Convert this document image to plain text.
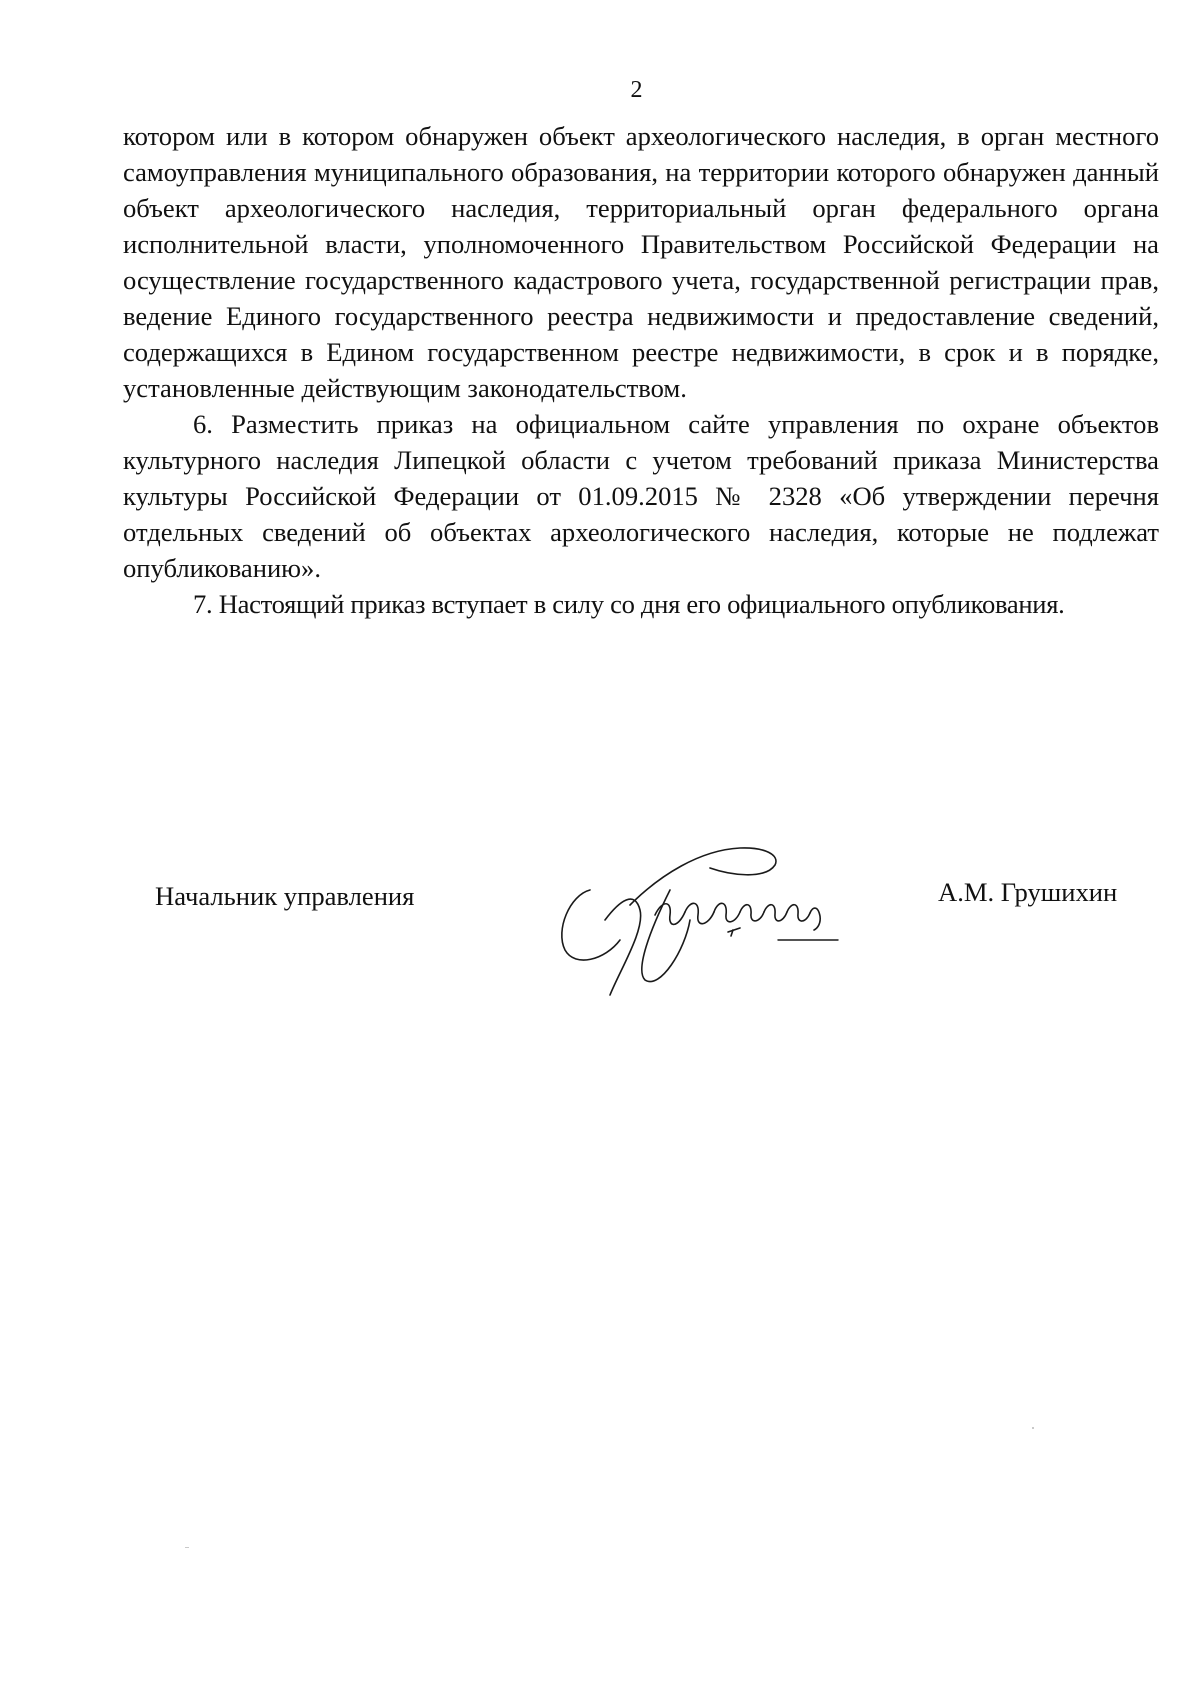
2

котором или в котором обнаружен объект археологического наследия, в орган местного самоуправления муниципального образования, на территории которого обнаружен данный объект археологического наследия, территориальный орган федерального органа исполнительной власти, уполномоченного Правительством Российской Федерации на осуществление государственного кадастрового учета, государственной регистрации прав, ведение Единого государственного реестра недвижимости и предоставление сведений, содержащихся в Едином государственном реестре недвижимости, в срок и в порядке, установленные действующим законодательством.

6. Разместить приказ на официальном сайте управления по охране объектов культурного наследия Липецкой области с учетом требований приказа Министерства культуры Российской Федерации от 01.09.2015 № 2328 «Об утверждении перечня отдельных сведений об объектах археологического наследия, которые не подлежат опубликованию».

7. Настоящий приказ вступает в силу со дня его официального опубликования.

Начальник управления	А.М. Грушихин
